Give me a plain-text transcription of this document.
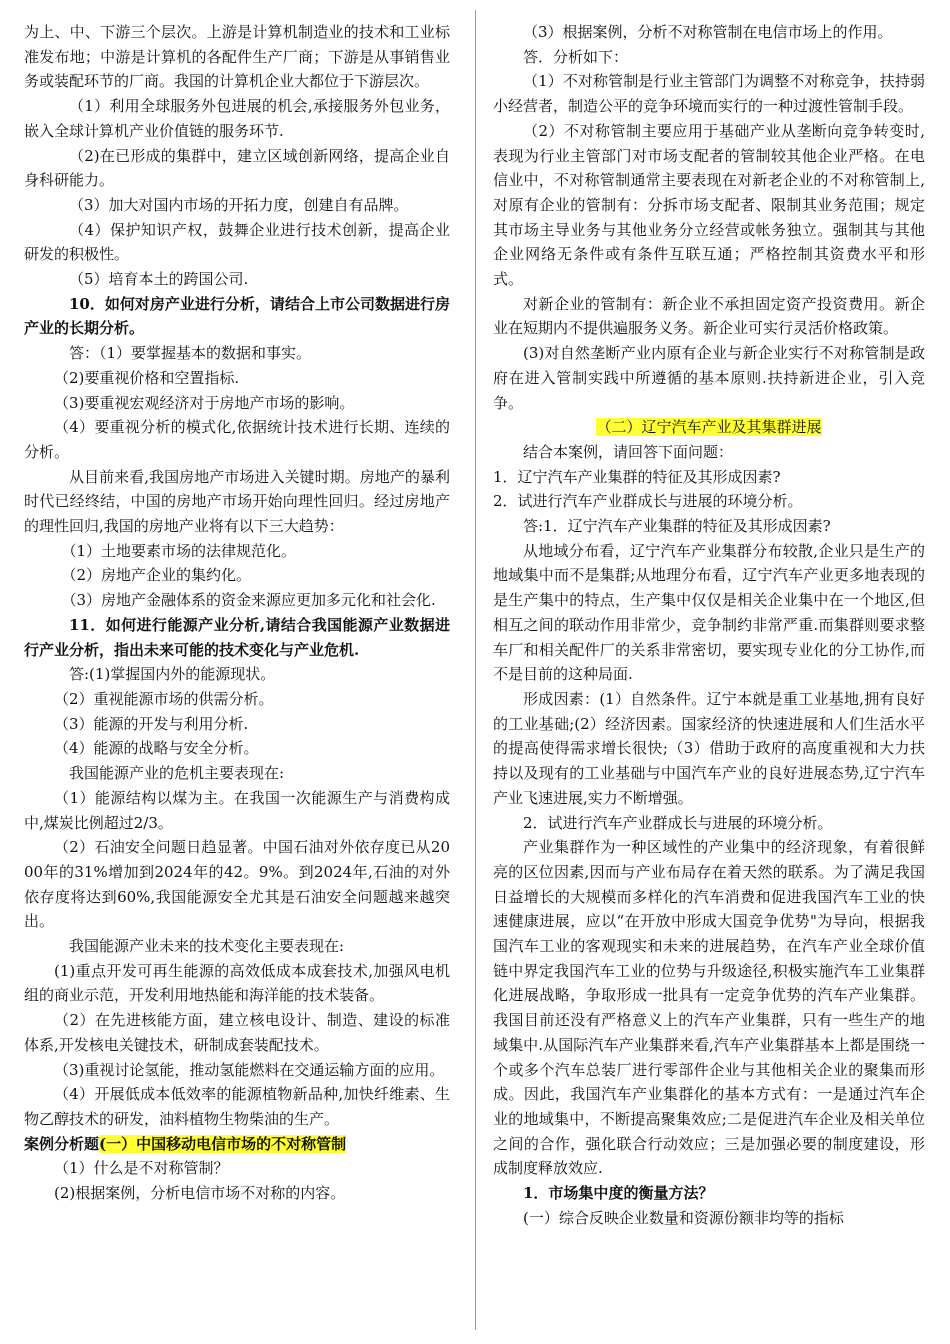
为上、中、下游三个层次。上游是计算机制造业的技术和工业标准发布地；中游是计算机的各配件生产厂商；下游是从事销售业务或装配环节的厂商。我国的计算机企业大都位于下游层次。

（1）利用全球服务外包进展的机会,承接服务外包业务，嵌入全球计算机产业价值链的服务环节.

（2)在已形成的集群中，建立区域创新网络，提高企业自身科研能力。

（3）加大对国内市场的开拓力度，创建自有品牌。

（4）保护知识产权，鼓舞企业进行技术创新，提高企业研发的积极性。

（5）培育本土的跨国公司.

10．如何对房产业进行分析，请结合上市公司数据进行房产业的长期分析。

答：（1）要掌握基本的数据和事实。

（2)要重视价格和空置指标.

（3)要重视宏观经济对于房地产市场的影响。

（4）要重视分析的模式化,依据统计技术进行长期、连续的分析。

从目前来看,我国房地产市场进入关键时期。房地产的暴利时代已经终结，中国的房地产市场开始向理性回归。经过房地产的理性回归,我国的房地产业将有以下三大趋势：

（1）土地要素市场的法律规范化。

（2）房地产企业的集约化。

（3）房地产金融体系的资金来源应更加多元化和社会化.

11．如何进行能源产业分析,请结合我国能源产业数据进行产业分析，指出未来可能的技术变化与产业危机.

答:(1)掌握国内外的能源现状。

（2）重视能源市场的供需分析。

（3）能源的开发与利用分析.

（4）能源的战略与安全分析。

我国能源产业的危机主要表现在:

（1）能源结构以煤为主。在我国一次能源生产与消费构成中,煤炭比例超过2/3。

（2）石油安全问题日趋显著。中国石油对外依存度已从2000年的31%增加到2024年的42。9%。到2024年,石油的对外依存度将达到60%,我国能源安全尤其是石油安全问题越来越突出。

我国能源产业未来的技术变化主要表现在:

(1)重点开发可再生能源的高效低成本成套技术,加强风电机组的商业示范，开发利用地热能和海洋能的技术装备。

（2）在先进核能方面，建立核电设计、制造、建设的标准体系,开发核电关键技术，研制成套装配技术。

（3)重视讨论氢能，推动氢能燃料在交通运输方面的应用。

（4）开展低成本低效率的能源植物新品种,加快纤维素、生物乙醇技术的研发，油料植物生物柴油的生产。

案例分析题(一）中国移动电信市场的不对称管制

（1）什么是不对称管制？

(2)根据案例，分析电信市场不对称的内容。

（3）根据案例，分析不对称管制在电信市场上的作用。

答．分析如下：

（1）不对称管制是行业主管部门为调整不对称竞争，扶持弱小经营者，制造公平的竞争环境而实行的一种过渡性管制手段。

（2）不对称管制主要应用于基础产业从垄断向竞争转变时,表现为行业主管部门对市场支配者的管制较其他企业严格。在电信业中，不对称管制通常主要表现在对新老企业的不对称管制上,对原有企业的管制有：分拆市场支配者、限制其业务范围；规定其市场主导业务与其他业务分立经营或帐务独立。强制其与其他企业网络无条件或有条件互联互通；严格控制其资费水平和形式。

对新企业的管制有：新企业不承担固定资产投资费用。新企业在短期内不提供遍服务义务。新企业可实行灵活价格政策。

(3)对自然垄断产业内原有企业与新企业实行不对称管制是政府在进入管制实践中所遵循的基本原则.扶持新进企业，引入竞争。

（二）辽宁汽车产业及其集群进展

结合本案例，请回答下面问题：

1．辽宁汽车产业集群的特征及其形成因素?

2．试进行汽车产业群成长与进展的环境分析。

答:1．辽宁汽车产业集群的特征及其形成因素?

从地域分布看，辽宁汽车产业集群分布较散,企业只是生产的地域集中而不是集群;从地理分布看，辽宁汽车产业更多地表现的是生产集中的特点，生产集中仅仅是相关企业集中在一个地区,但相互之间的联动作用非常少，竞争制约非常严重.而集群则要求整车厂和相关配件厂的关系非常密切，要实现专业化的分工协作,而不是目前的这种局面.

形成因素：(1）自然条件。辽宁本就是重工业基地,拥有良好的工业基础;(2）经济因素。国家经济的快速进展和人们生活水平的提高使得需求增长很快;（3）借助于政府的高度重视和大力扶持以及现有的工业基础与中国汽车产业的良好进展态势,辽宁汽车产业飞速进展,实力不断增强。

2．试进行汽车产业群成长与进展的环境分析。

产业集群作为一种区域性的产业集中的经济现象，有着很鲜亮的区位因素,因而与产业布局存在着天然的联系。为了满足我国日益增长的大规模而多样化的汽车消费和促进我国汽车工业的快速健康进展，应以“在开放中形成大国竞争优势"为导向，根据我国汽车工业的客观现实和未来的进展趋势，在汽车产业全球价值链中界定我国汽车工业的位势与升级途径,积极实施汽车工业集群化进展战略，争取形成一批具有一定竞争优势的汽车产业集群。 我国目前还没有严格意义上的汽车产业集群，只有一些生产的地域集中.从国际汽车产业集群来看,汽车产业集群基本上都是围绕一个或多个汽车总装厂进行零部件企业与其他相关企业的聚集而形成。因此，我国汽车产业集群化的基本方式有：一是通过汽车企业的地域集中，不断提高聚集效应;二是促进汽车企业及相关单位之间的合作，强化联合行动效应；三是加强必要的制度建设，形成制度释放效应.

1．市场集中度的衡量方法？

(一）综合反映企业数量和资源份额非均等的指标
